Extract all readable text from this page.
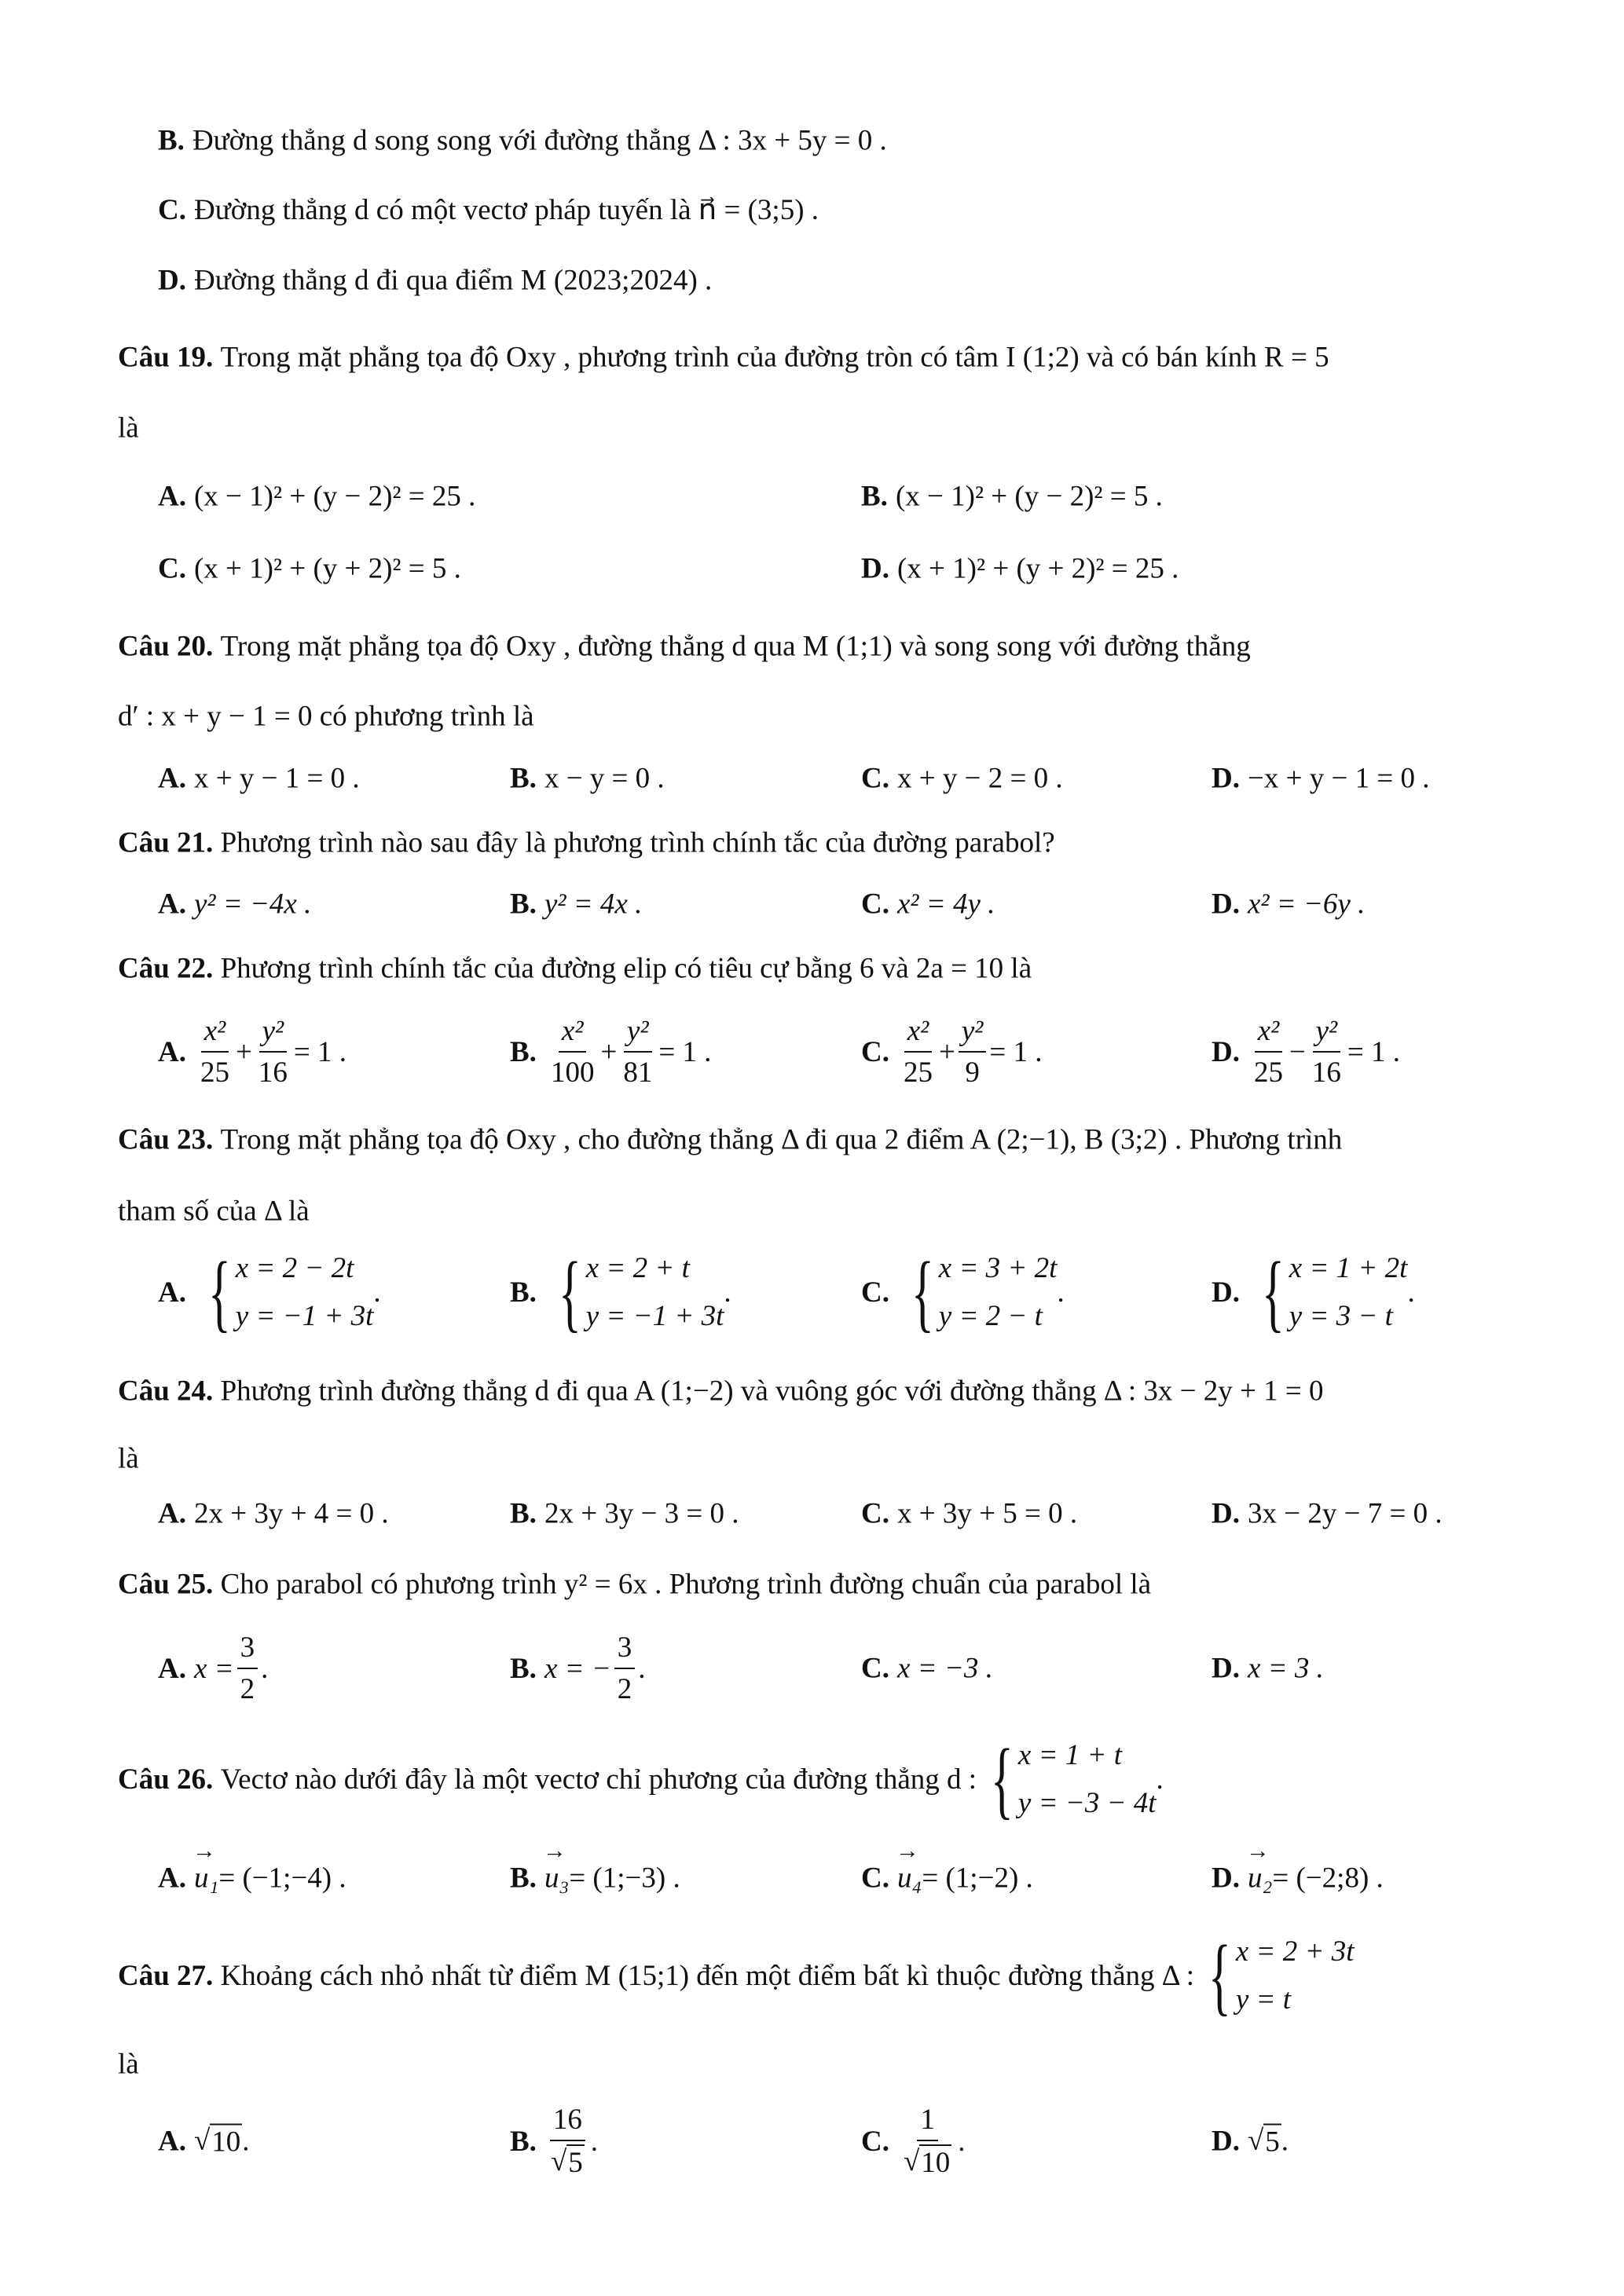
B. Đường thẳng d song song với đường thẳng Δ : 3x + 5y = 0 .
C. Đường thẳng d có một vectơ pháp tuyến là n⃗ = (3;5) .
D. Đường thẳng d đi qua điểm M (2023;2024) .
Câu 19.
Trong mặt phẳng tọa độ Oxy , phương trình của đường tròn có tâm I (1;2) và có bán kính R = 5
là
A. (x − 1)² + (y − 2)² = 25 .	B. (x − 1)² + (y − 2)² = 5 .
C. (x + 1)² + (y + 2)² = 5 .	D. (x + 1)² + (y + 2)² = 25 .
Câu 20.
Trong mặt phẳng tọa độ Oxy , đường thẳng d qua M (1;1) và song song với đường thẳng
d′ : x + y − 1 = 0 có phương trình là
A. x + y − 1 = 0 .	B. x − y = 0 .	C. x + y − 2 = 0 .	D. −x + y − 1 = 0 .
Câu 21.
Phương trình nào sau đây là phương trình chính tắc của đường parabol?
A. y² = −4x .	B. y² = 4x .	C. x² = 4y .	D. x² = −6y .
Câu 22.
Phương trình chính tắc của đường elip có tiêu cự bằng 6 và 2a = 10 là
A. $\frac{\text{x²}}{25} + \frac{\text{y²}}{16} = 1$ .	B. $\frac{\text{x²}}{100} + \frac{\text{y²}}{81} = 1$ .	C. $\frac{\text{x²}}{25} + \frac{\text{y²}}{9} = 1$ .	D. $\frac{\text{x²}}{25} - \frac{\text{y²}}{16} = 1$ .
Câu 23.
Trong mặt phẳng tọa độ Oxy , cho đường thẳng Δ đi qua 2 điểm A (2;−1), B (3;2) . Phương trình
tham số của Δ là
A. { x = 2 − 2t
y = −1 + 3t
.	B. { x = 2 + t
y = −1 + 3t
.	C. { x = 3 + 2t
y = 2 − t
.	D. { x = 1 + 2t
y = 3 − t
.
Câu 24.
Phương trình đường thẳng d đi qua A (1;−2) và vuông góc với đường thẳng Δ : 3x − 2y + 1 = 0
là
A. 2x + 3y + 4 = 0 .	B. 2x + 3y − 3 = 0 .	C. x + 3y + 5 = 0 .	D. 3x − 2y − 7 = 0 .
Câu 25.
Cho parabol có phương trình y² = 6x . Phương trình đường chuẩn của parabol là
A. $x = \frac{3}{2}$ .	B. x = − $\frac{3}{2}$ .	C. x = −3 .	D. x = 3 .
Câu 26.
Vectơ nào dưới đây là một vectơ chỉ phương của đường thẳng d : { x = 1 + t
y = −3 − 4t
.
A. → u₁ = (−1;−4) .	B. → u₃ = (1;−3) .	C. → u₄ = (1;−2) .	D. → u₂ = (−2;8) .
Câu 27.
Khoảng cách nhỏ nhất từ điểm M (15;1) đến một điểm bất kì thuộc đường thẳng Δ : { x = 2 + 3t
y = t
là
A. √ 10 .	B. $\frac{16}{√ 5}$ .	C. $\frac{1}{√ 10}$ .	D. √ 5 .
